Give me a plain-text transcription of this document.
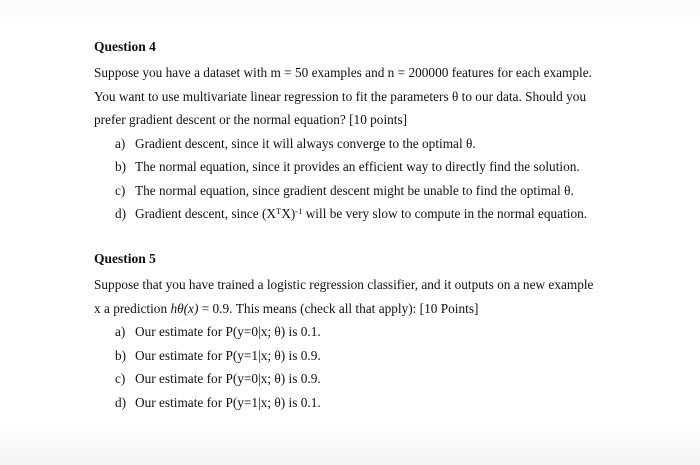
Question 4

Suppose you have a dataset with m = 50 examples and n = 200000 features for each example.
You want to use multivariate linear regression to fit the parameters θ to our data. Should you
prefer gradient descent or the normal equation? [10 points]

a) Gradient descent, since it will always converge to the optimal θ.
b) The normal equation, since it provides an efficient way to directly find the solution.
c) The normal equation, since gradient descent might be unable to find the optimal θ.
d) Gradient descent, since $(X^TX)^{-1}$ will be very slow to compute in the normal equation.
Question 5

Suppose that you have trained a logistic regression classifier, and it outputs on a new example
x a prediction hθ(x) = 0.9. This means (check all that apply): [10 Points]

a) Our estimate for P(y=0|x; θ) is 0.1.
b) Our estimate for P(y=1|x; θ) is 0.9.
c) Our estimate for P(y=0|x; θ) is 0.9.
d) Our estimate for P(y=1|x; θ) is 0.1.
